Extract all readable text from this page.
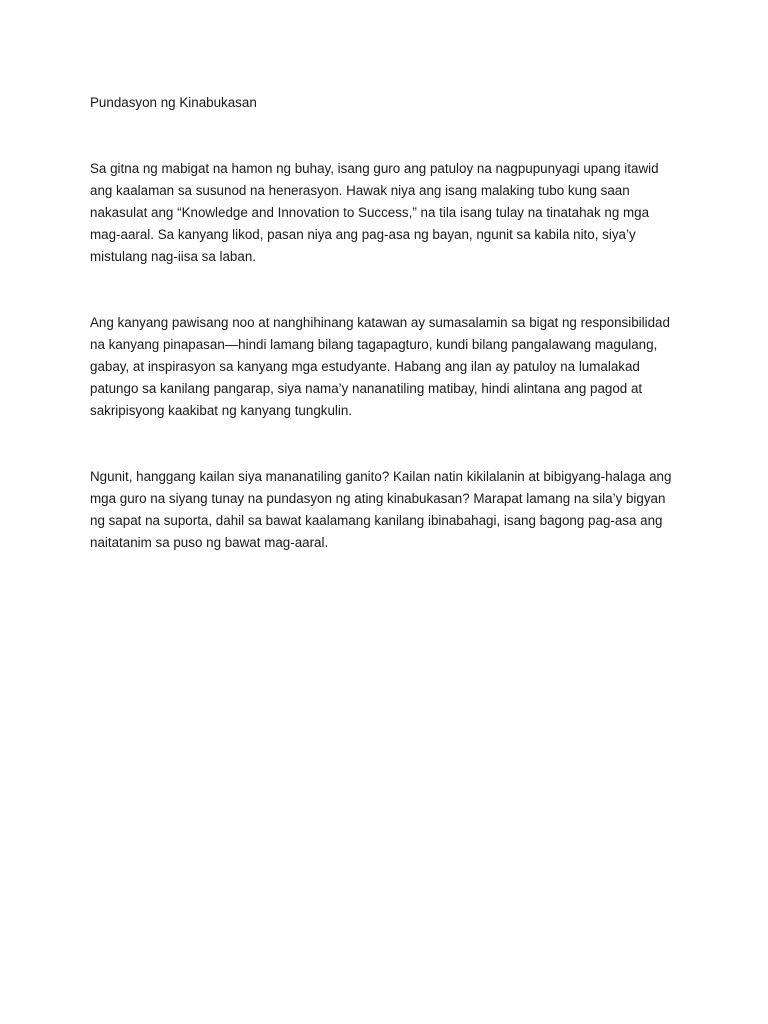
Pundasyon ng Kinabukasan

Sa gitna ng mabigat na hamon ng buhay, isang guro ang patuloy na nagpupunyagi upang itawid ang kaalaman sa susunod na henerasyon. Hawak niya ang isang malaking tubo kung saan nakasulat ang “Knowledge and Innovation to Success,” na tila isang tulay na tinatahak ng mga mag-aaral. Sa kanyang likod, pasan niya ang pag-asa ng bayan, ngunit sa kabila nito, siya’y mistulang nag-iisa sa laban.

Ang kanyang pawisang noo at nanghihinang katawan ay sumasalamin sa bigat ng responsibilidad na kanyang pinapasan—hindi lamang bilang tagapagturo, kundi bilang pangalawang magulang, gabay, at inspirasyon sa kanyang mga estudyante. Habang ang ilan ay patuloy na lumalakad patungo sa kanilang pangarap, siya nama’y nananatiling matibay, hindi alintana ang pagod at sakripisyong kaakibat ng kanyang tungkulin.

Ngunit, hanggang kailan siya mananatiling ganito? Kailan natin kikilalanin at bibigyang-halaga ang mga guro na siyang tunay na pundasyon ng ating kinabukasan? Marapat lamang na sila’y bigyan ng sapat na suporta, dahil sa bawat kaalamang kanilang ibinabahagi, isang bagong pag-asa ang naitatanim sa puso ng bawat mag-aaral.
